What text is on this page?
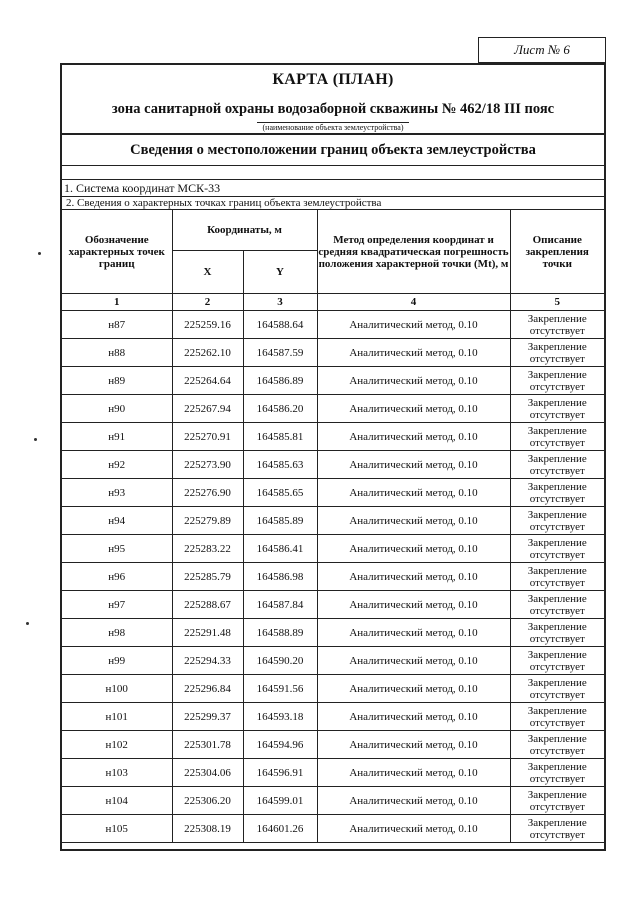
Лист № 6
КАРТА (ПЛАН)
зона санитарной охраны водозаборной скважины № 462/18 III пояс
(наименование объекта землеустройства)
Сведения о местоположении границ объекта землеустройства
1. Система координат МСК-33
2. Сведения о характерных точках границ объекта землеустройства
Обозначение характерных точек границ	Координаты, м		Метод определения координат и средняя квадратическая погрешность положения характерной точки (Mt), м	Описание закрепления точки
	X	Y		
1	2	3	4	5
н87	225259.16	164588.64	Аналитический метод, 0.10	Закрепление отсутствует
н88	225262.10	164587.59	Аналитический метод, 0.10	Закрепление отсутствует
н89	225264.64	164586.89	Аналитический метод, 0.10	Закрепление отсутствует
н90	225267.94	164586.20	Аналитический метод, 0.10	Закрепление отсутствует
н91	225270.91	164585.81	Аналитический метод, 0.10	Закрепление отсутствует
н92	225273.90	164585.63	Аналитический метод, 0.10	Закрепление отсутствует
н93	225276.90	164585.65	Аналитический метод, 0.10	Закрепление отсутствует
н94	225279.89	164585.89	Аналитический метод, 0.10	Закрепление отсутствует
н95	225283.22	164586.41	Аналитический метод, 0.10	Закрепление отсутствует
н96	225285.79	164586.98	Аналитический метод, 0.10	Закрепление отсутствует
н97	225288.67	164587.84	Аналитический метод, 0.10	Закрепление отсутствует
н98	225291.48	164588.89	Аналитический метод, 0.10	Закрепление отсутствует
н99	225294.33	164590.20	Аналитический метод, 0.10	Закрепление отсутствует
н100	225296.84	164591.56	Аналитический метод, 0.10	Закрепление отсутствует
н101	225299.37	164593.18	Аналитический метод, 0.10	Закрепление отсутствует
н102	225301.78	164594.96	Аналитический метод, 0.10	Закрепление отсутствует
н103	225304.06	164596.91	Аналитический метод, 0.10	Закрепление отсутствует
н104	225306.20	164599.01	Аналитический метод, 0.10	Закрепление отсутствует
н105	225308.19	164601.26	Аналитический метод, 0.10	Закрепление отсутствует
